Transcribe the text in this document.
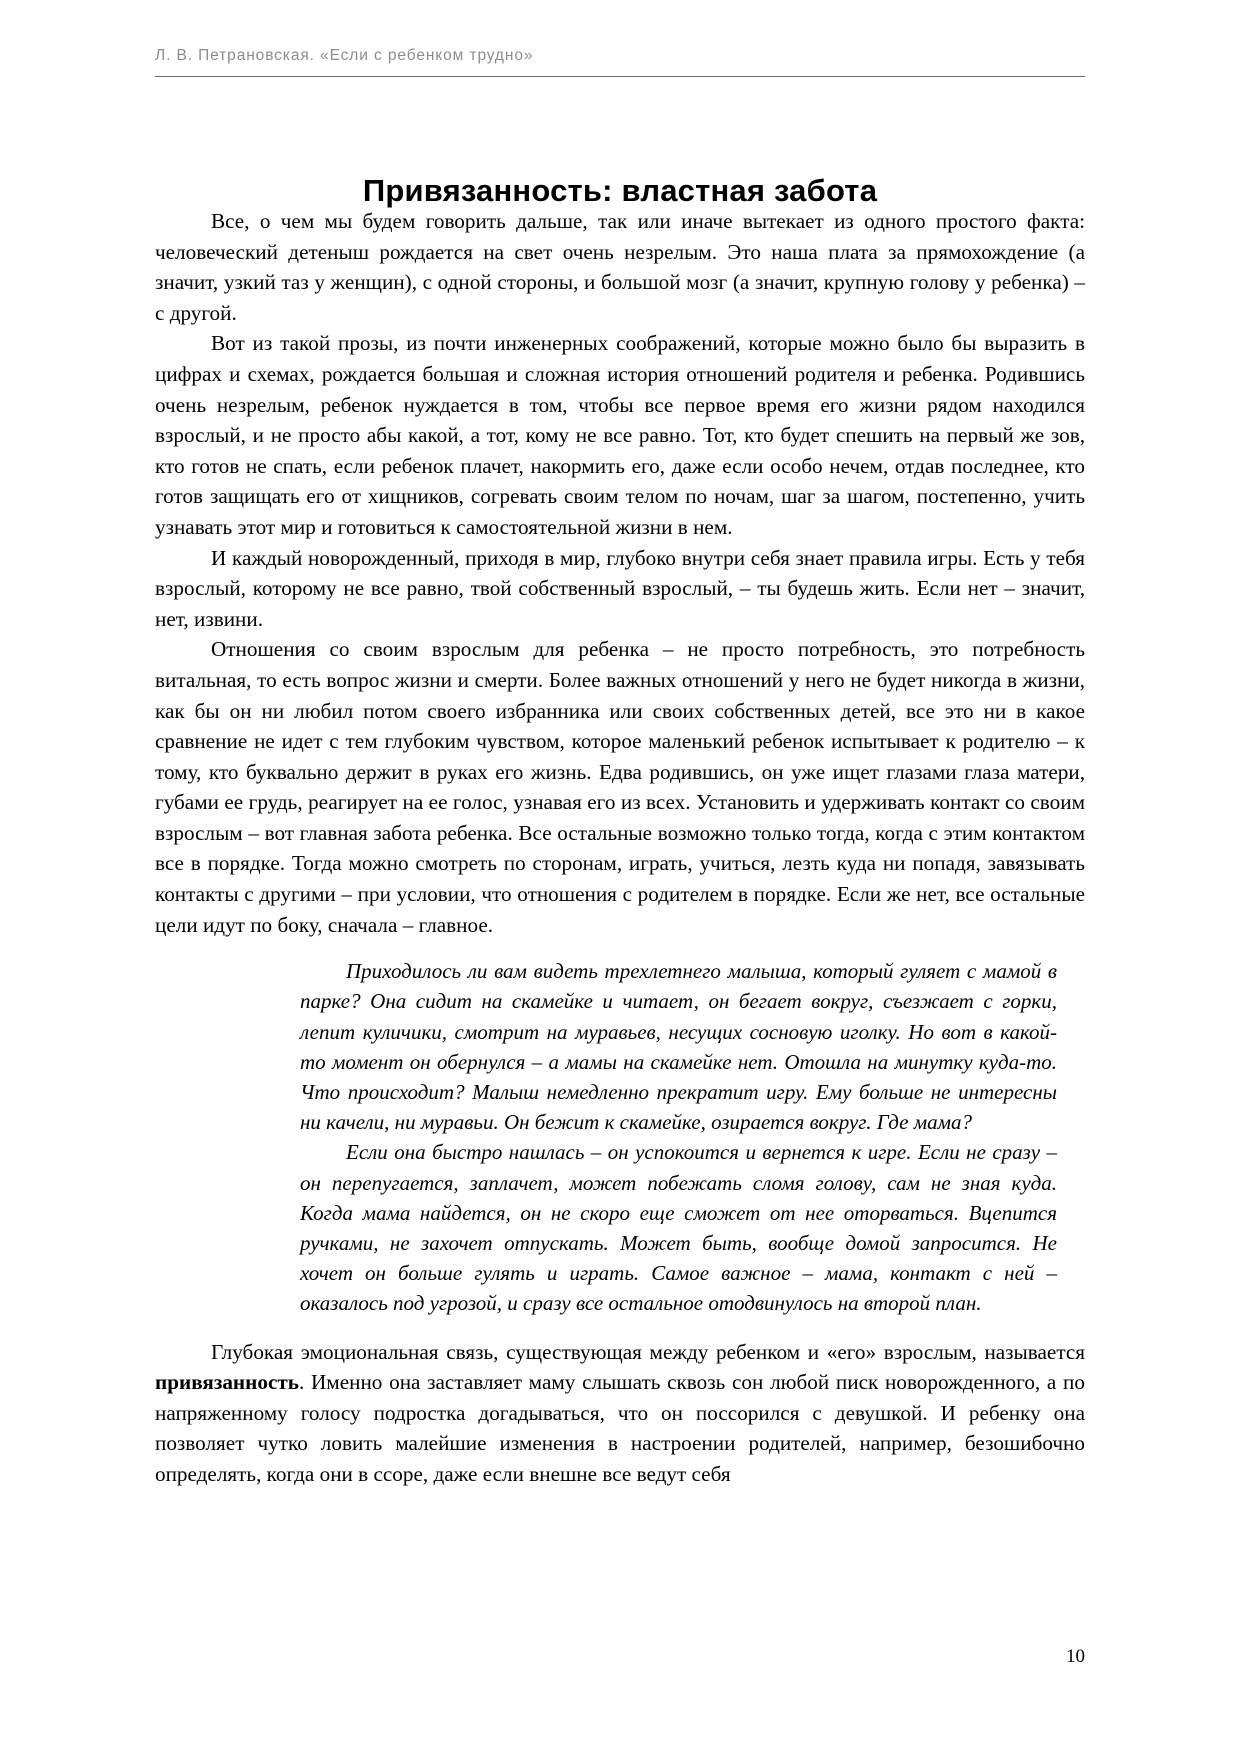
Л. В. Петрановская. «Если с ребенком трудно»
Привязанность: властная забота

Все, о чем мы будем говорить дальше, так или иначе вытекает из одного простого факта: человеческий детеныш рождается на свет очень незрелым. Это наша плата за прямохождение (а значит, узкий таз у женщин), с одной стороны, и большой мозг (а значит, крупную голову у ребенка) – с другой.

Вот из такой прозы, из почти инженерных соображений, которые можно было бы выразить в цифрах и схемах, рождается большая и сложная история отношений родителя и ребенка. Родившись очень незрелым, ребенок нуждается в том, чтобы все первое время его жизни рядом находился взрослый, и не просто абы какой, а тот, кому не все равно. Тот, кто будет спешить на первый же зов, кто готов не спать, если ребенок плачет, накормить его, даже если особо нечем, отдав последнее, кто готов защищать его от хищников, согревать своим телом по ночам, шаг за шагом, постепенно, учить узнавать этот мир и готовиться к самостоятельной жизни в нем.

И каждый новорожденный, приходя в мир, глубоко внутри себя знает правила игры. Есть у тебя взрослый, которому не все равно, твой собственный взрослый, – ты будешь жить. Если нет – значит, нет, извини.

Отношения со своим взрослым для ребенка – не просто потребность, это потребность витальная, то есть вопрос жизни и смерти. Более важных отношений у него не будет никогда в жизни, как бы он ни любил потом своего избранника или своих собственных детей, все это ни в какое сравнение не идет с тем глубоким чувством, которое маленький ребенок испытывает к родителю – к тому, кто буквально держит в руках его жизнь. Едва родившись, он уже ищет глазами глаза матери, губами ее грудь, реагирует на ее голос, узнавая его из всех. Установить и удерживать контакт со своим взрослым – вот главная забота ребенка. Все остальные возможно только тогда, когда с этим контактом все в порядке. Тогда можно смотреть по сторонам, играть, учиться, лезть куда ни попадя, завязывать контакты с другими – при условии, что отношения с родителем в порядке. Если же нет, все остальные цели идут по боку, сначала – главное.

Приходилось ли вам видеть трехлетнего малыша, который гуляет с мамой в парке? Она сидит на скамейке и читает, он бегает вокруг, съезжает с горки, лепит куличики, смотрит на муравьев, несущих сосновую иголку. Но вот в какой-то момент он обернулся – а мамы на скамейке нет. Отошла на минутку куда-то. Что происходит? Малыш немедленно прекратит игру. Ему больше не интересны ни качели, ни муравьи. Он бежит к скамейке, озирается вокруг. Где мама?

Если она быстро нашлась – он успокоится и вернется к игре. Если не сразу – он перепугается, заплачет, может побежать сломя голову, сам не зная куда. Когда мама найдется, он не скоро еще сможет от нее оторваться. Вцепится ручками, не захочет отпускать. Может быть, вообще домой запросится. Не хочет он больше гулять и играть. Самое важное – мама, контакт с ней – оказалось под угрозой, и сразу все остальное отодвинулось на второй план.

Глубокая эмоциональная связь, существующая между ребенком и «его» взрослым, называется привязанность. Именно она заставляет маму слышать сквозь сон любой писк новорожденного, а по напряженному голосу подростка догадываться, что он поссорился с девушкой. И ребенку она позволяет чутко ловить малейшие изменения в настроении родителей, например, безошибочно определять, когда они в ссоре, даже если внешне все ведут себя

10
